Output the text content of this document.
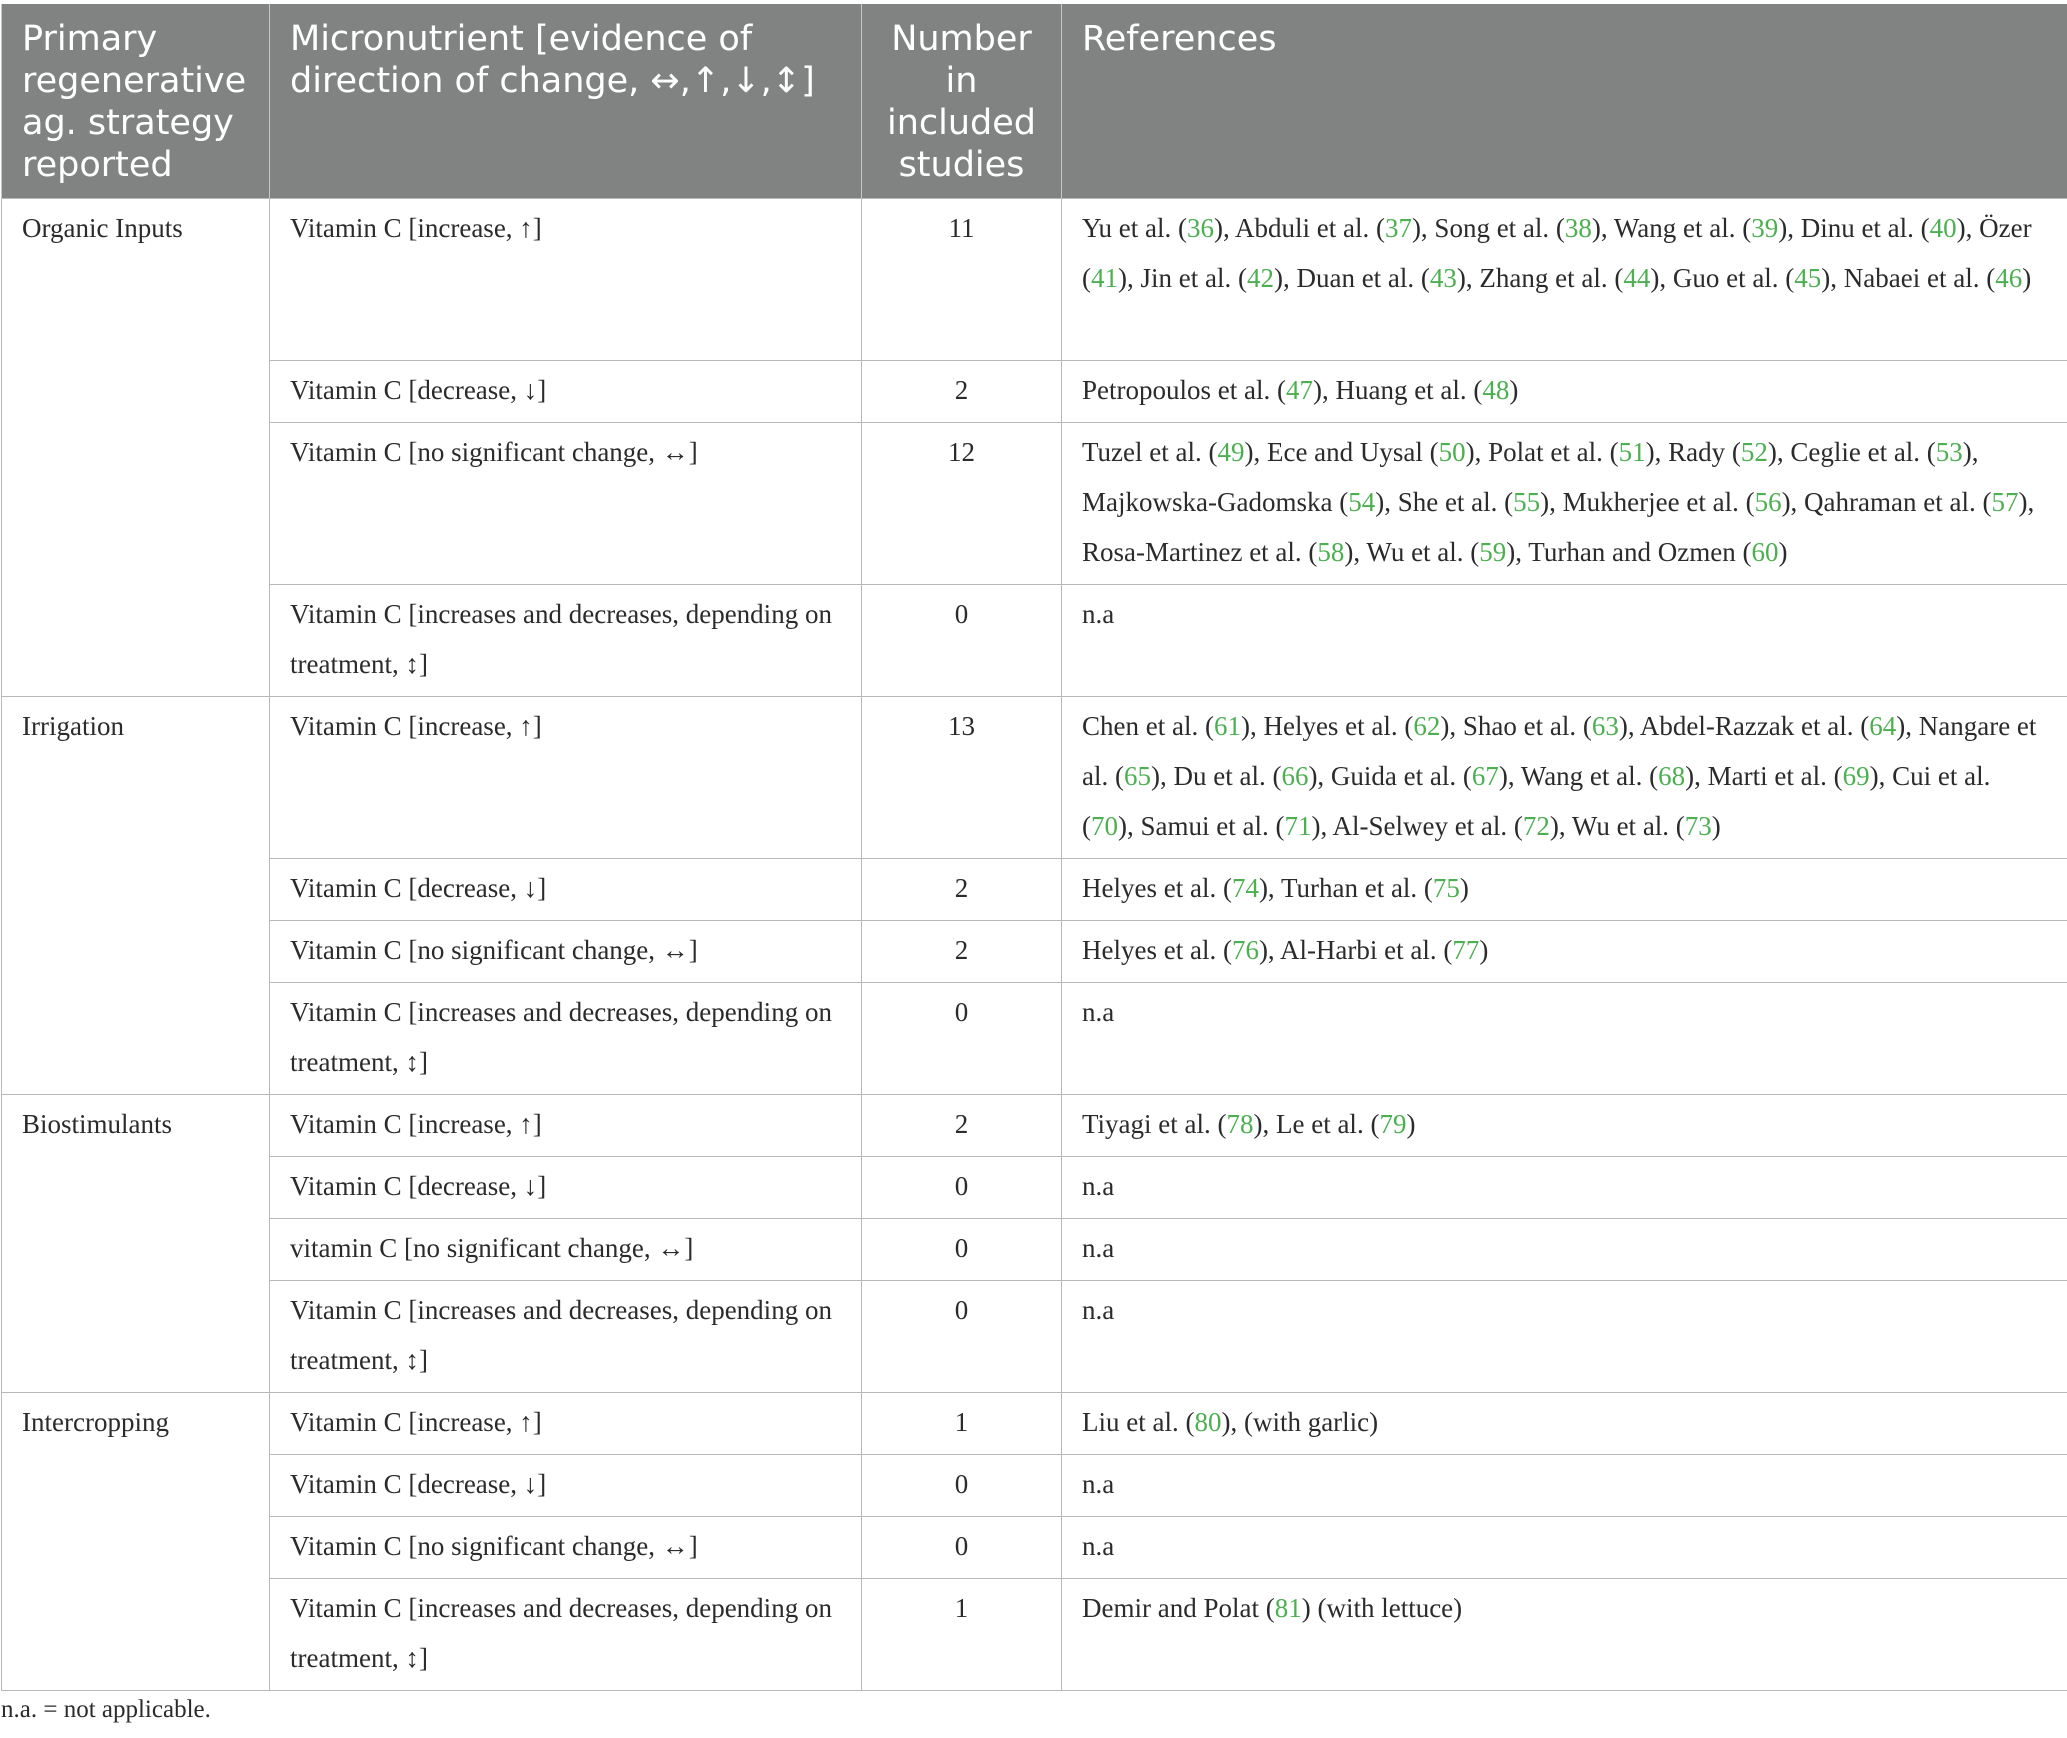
Primary regenerative ag. strategy reported	Micronutrient [evidence of direction of change, ↔,↑,↓,↕]	Number in included studies	References
Organic Inputs	Vitamin C [increase, ↑]	11	Yu et al. (36), Abduli et al. (37), Song et al. (38), Wang et al. (39), Dinu et al. (40), Özer (41), Jin et al. (42), Duan et al. (43), Zhang et al. (44), Guo et al. (45), Nabaei et al. (46)
	Vitamin C [decrease, ↓]	2	Petropoulos et al. (47), Huang et al. (48)
	Vitamin C [no significant change, ↔]	12	Tuzel et al. (49), Ece and Uysal (50), Polat et al. (51), Rady (52), Ceglie et al. (53), Majkowska-Gadomska (54), She et al. (55), Mukherjee et al. (56), Qahraman et al. (57), Rosa-Martinez et al. (58), Wu et al. (59), Turhan and Ozmen (60)
	Vitamin C [increases and decreases, depending on treatment, ↕]	0	n.a
Irrigation	Vitamin C [increase, ↑]	13	Chen et al. (61), Helyes et al. (62), Shao et al. (63), Abdel-Razzak et al. (64), Nangare et al. (65), Du et al. (66), Guida et al. (67), Wang et al. (68), Marti et al. (69), Cui et al. (70), Samui et al. (71), Al-Selwey et al. (72), Wu et al. (73)
	Vitamin C [decrease, ↓]	2	Helyes et al. (74), Turhan et al. (75)
	Vitamin C [no significant change, ↔]	2	Helyes et al. (76), Al-Harbi et al. (77)
	Vitamin C [increases and decreases, depending on treatment, ↕]	0	n.a
Biostimulants	Vitamin C [increase, ↑]	2	Tiyagi et al. (78), Le et al. (79)
	Vitamin C [decrease, ↓]	0	n.a
	vitamin C [no significant change, ↔]	0	n.a
	Vitamin C [increases and decreases, depending on treatment, ↕]	0	n.a
Intercropping	Vitamin C [increase, ↑]	1	Liu et al. (80), (with garlic)
	Vitamin C [decrease, ↓]	0	n.a
	Vitamin C [no significant change, ↔]	0	n.a
	Vitamin C [increases and decreases, depending on treatment, ↕]	1	Demir and Polat (81) (with lettuce)
n.a. = not applicable.
